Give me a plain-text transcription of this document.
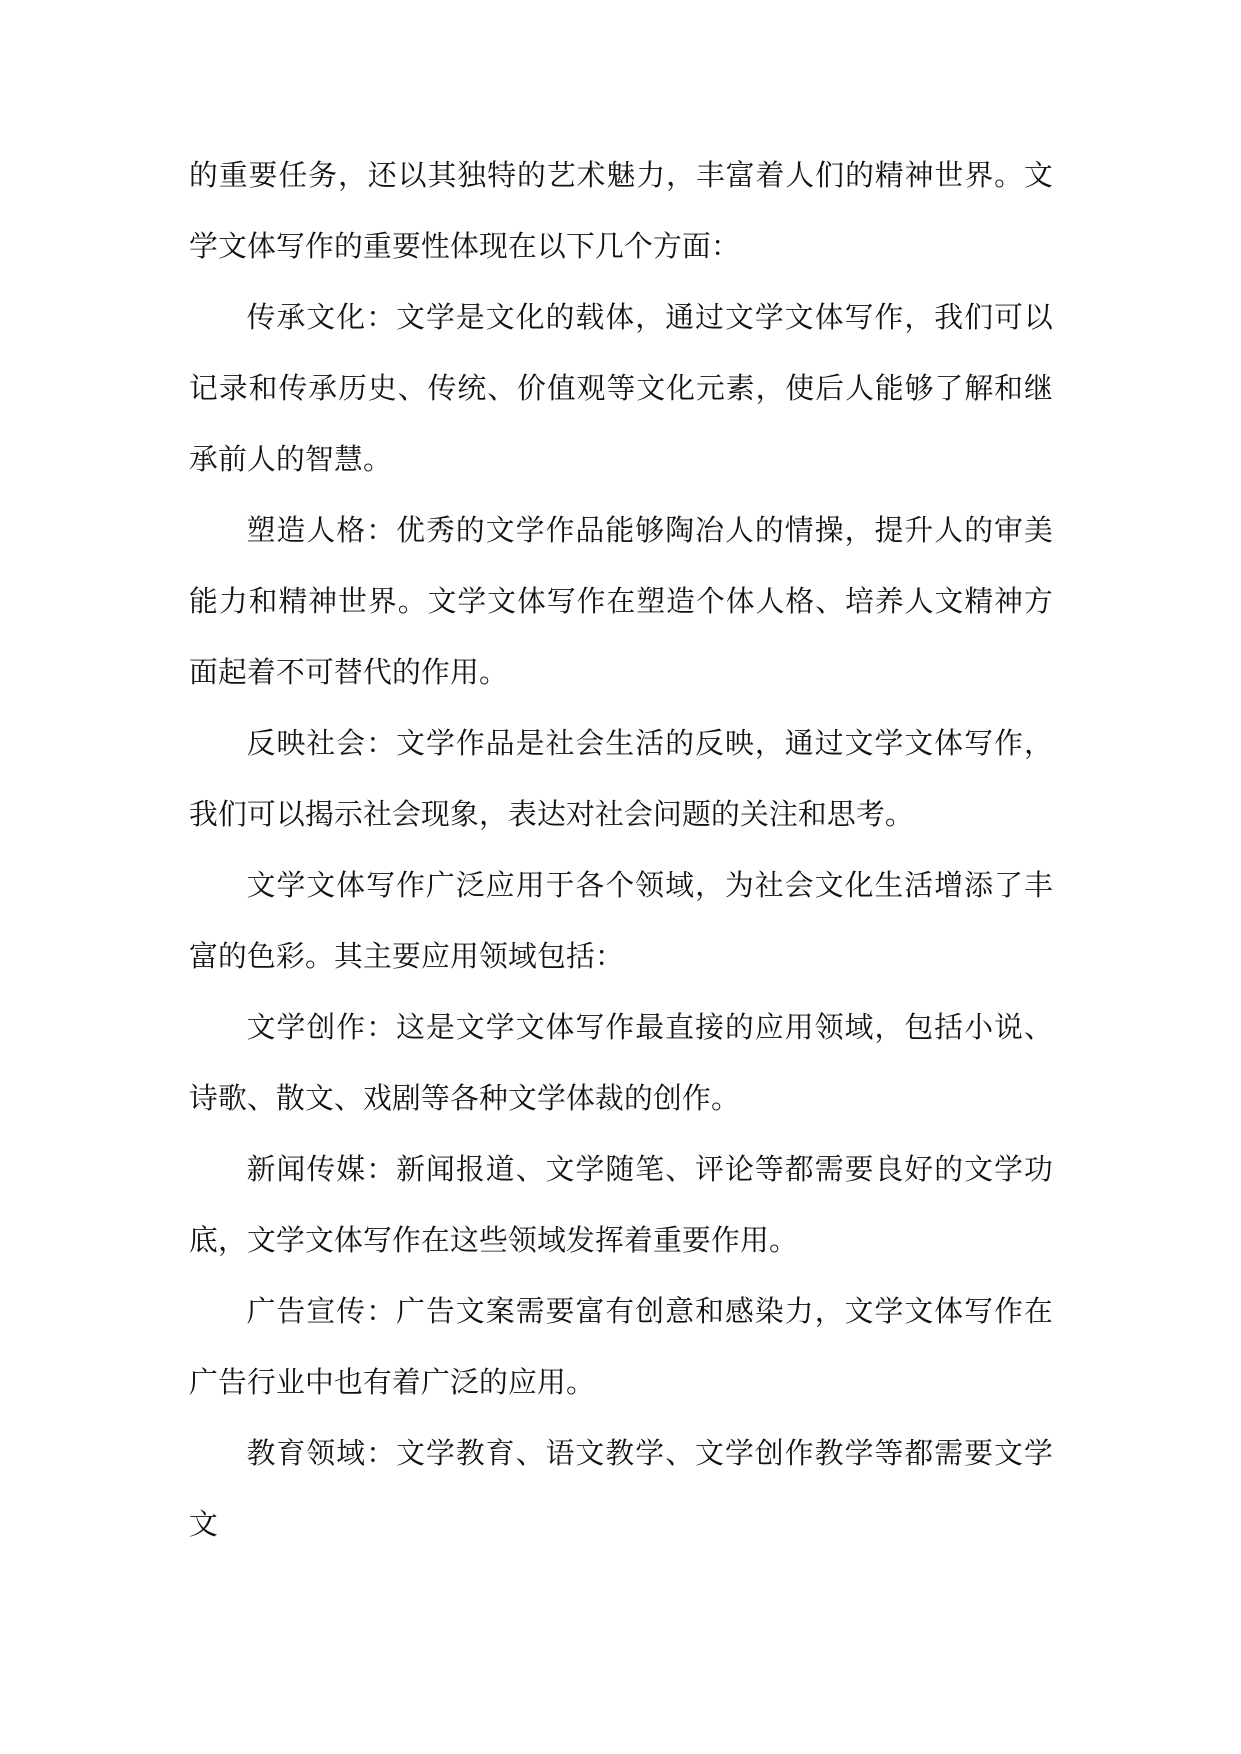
的重要任务，还以其独特的艺术魅力，丰富着人们的精神世界。文学文体写作的重要性体现在以下几个方面：

传承文化：文学是文化的载体，通过文学文体写作，我们可以记录和传承历史、传统、价值观等文化元素，使后人能够了解和继承前人的智慧。

塑造人格：优秀的文学作品能够陶冶人的情操，提升人的审美能力和精神世界。文学文体写作在塑造个体人格、培养人文精神方面起着不可替代的作用。

反映社会：文学作品是社会生活的反映，通过文学文体写作，我们可以揭示社会现象，表达对社会问题的关注和思考。

文学文体写作广泛应用于各个领域，为社会文化生活增添了丰富的色彩。其主要应用领域包括：

文学创作：这是文学文体写作最直接的应用领域，包括小说、诗歌、散文、戏剧等各种文学体裁的创作。

新闻传媒：新闻报道、文学随笔、评论等都需要良好的文学功底，文学文体写作在这些领域发挥着重要作用。

广告宣传：广告文案需要富有创意和感染力，文学文体写作在广告行业中也有着广泛的应用。

教育领域：文学教育、语文教学、文学创作教学等都需要文学文
